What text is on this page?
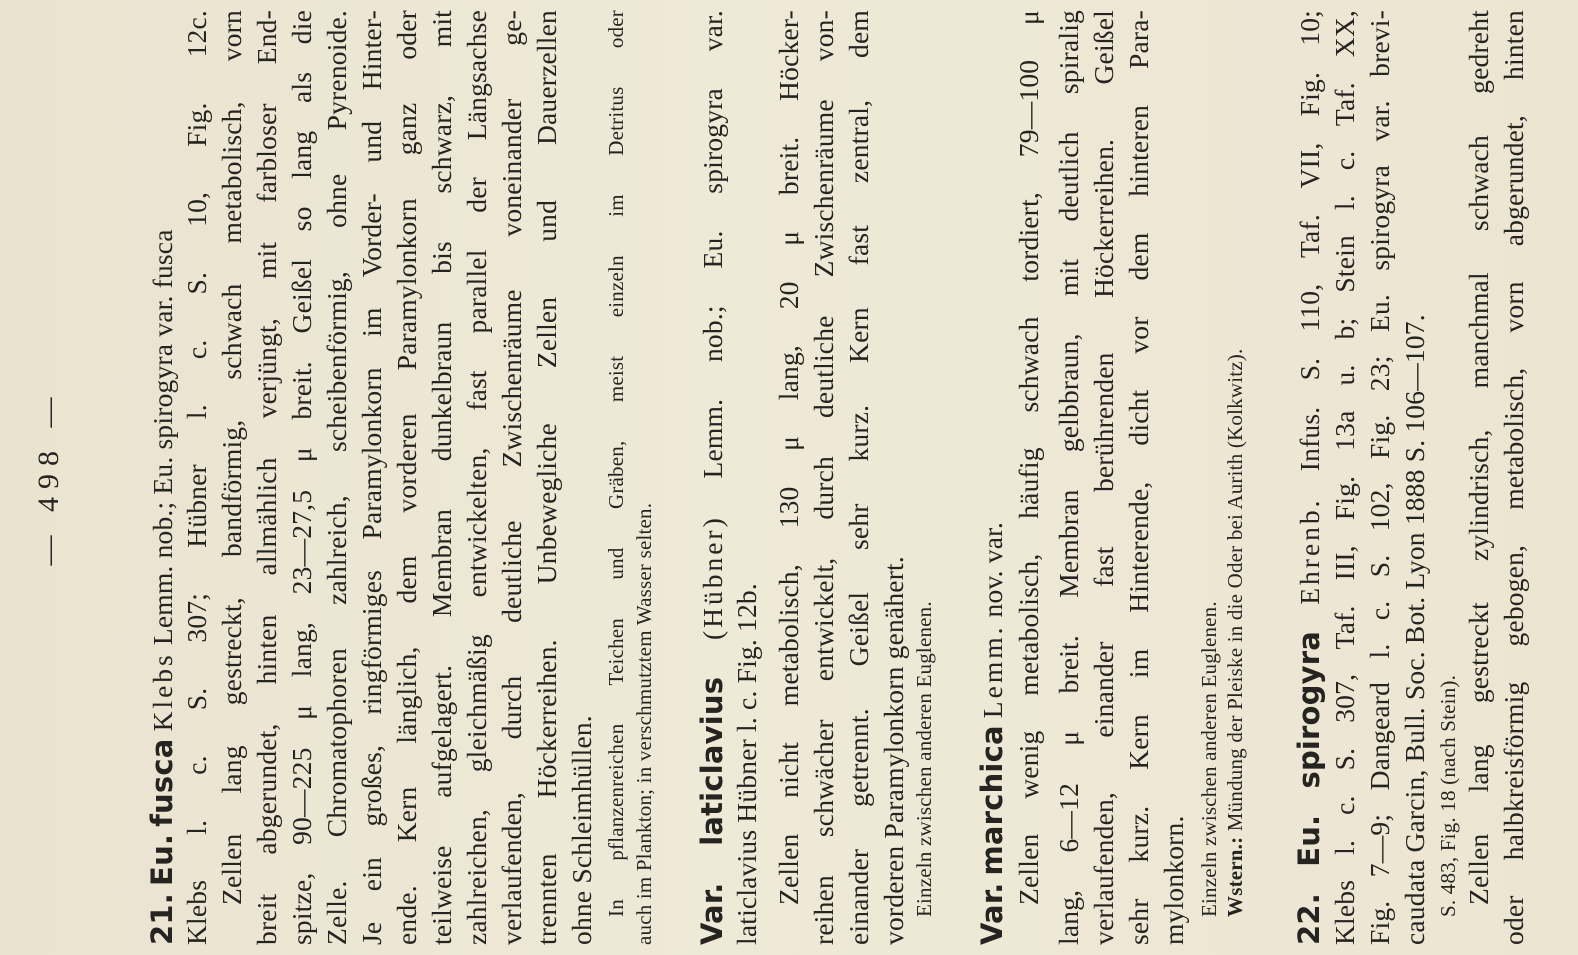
— 498 —
21. Eu. fusca Klebs Lemm. nob.; Eu. spirogyra var. fusca Klebs l. c. S. 307; Hübner l. c. S. 10, Fig. 12c. Zellen lang gestreckt, bandförmig, schwach metabolisch, vorn breit abgerundet, hinten allmählich verjüngt, mit farbloser End- spitze, 90—225 μ lang, 23—27,5 μ breit. Geißel so lang als die Zelle. Chromatophoren zahlreich, scheibenförmig, ohne Pyrenoide. Je ein großes, ringförmiges Paramylonkorn im Vorder- und Hinter- ende. Kern länglich, dem vorderen Paramylonkorn ganz oder teilweise aufgelagert. Membran dunkelbraun bis schwarz, mit zahlreichen, gleichmäßig entwickelten, fast parallel der Längsachse verlaufenden, durch deutliche Zwischenräume voneinander ge- trennten Höckerreihen. Unbewegliche Zellen und Dauerzellen ohne Schleimhüllen. In pflanzenreichen Teichen und Gräben, meist einzeln im Detritus oder auch im Plankton; in verschmutztem Wasser selten. Var. laticlavius (Hübner) Lemm. nob.; Eu. spirogyra var.
laticlavius Hübner l. c. Fig. 12b. Zellen nicht metabolisch, 130 μ lang, 20 μ breit. Höcker- reihen schwächer entwickelt, durch deutliche Zwischenräume von- einander getrennt. Geißel sehr kurz. Kern fast zentral, dem vorderen Paramylonkorn genähert. Einzeln zwischen anderen Euglenen. Var. marchica Lemm. nov. var. Zellen wenig metabolisch, häufig schwach tordiert, 79—100 μ lang, 6—12 μ breit. Membran gelbbraun, mit deutlich spiralig verlaufenden, einander fast berührenden Höckerreihen. Geißel sehr kurz. Kern im Hinterende, dicht vor dem hinteren Para- mylonkorn. Einzeln zwischen anderen Euglenen. Wstern.: Mündung der Pleiske in die Oder bei Aurith (Kolkwitz).
22. Eu. spirogyra Ehrenb. Infus. S. 110, Taf. VII, Fig. 10; Klebs l. c. S. 307, Taf. III, Fig. 13a u. b; Stein l. c. Taf. XX, Fig. 7—9; Dangeard l. c. S. 102, Fig. 23; Eu. spirogyra var. brevi- caudata Garcin, Bull. Soc. Bot. Lyon 1888 S. 106—107. S. 483, Fig. 18 (nach Stein). Zellen lang gestreckt zylindrisch, manchmal schwach gedreht oder halbkreisförmig gebogen, metabolisch, vorn abgerundet, hinten
